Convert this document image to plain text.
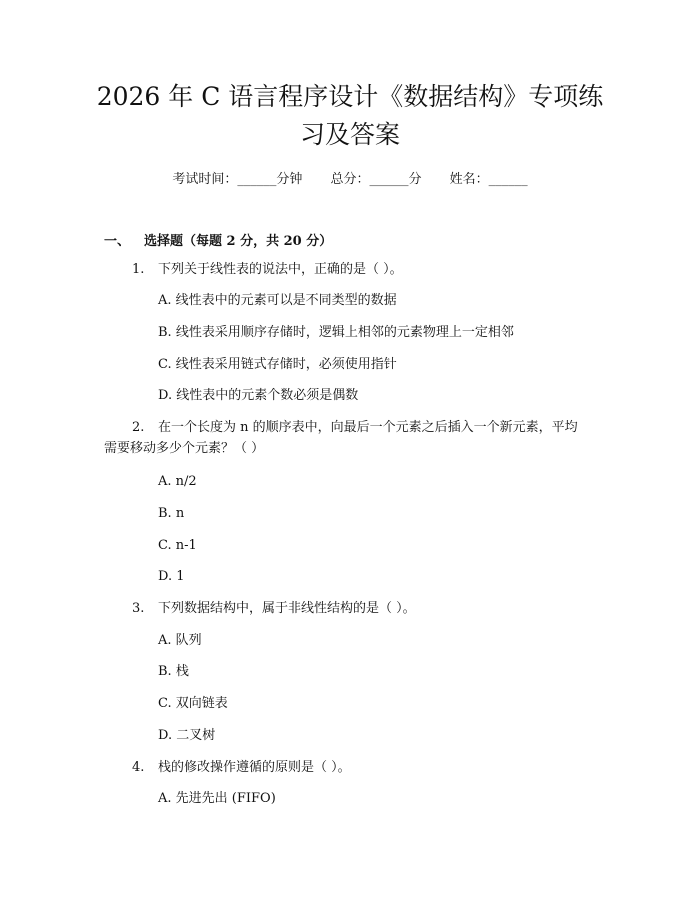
2026 年 C 语言程序设计《数据结构》专项练
习及答案
考试时间：______分钟 总分：______分 姓名：______
一、 选择题（每题 2 分，共 20 分）
1. 下列关于线性表的说法中，正确的是（ ）。
A. 线性表中的元素可以是不同类型的数据
B. 线性表采用顺序存储时，逻辑上相邻的元素物理上一定相邻
C. 线性表采用链式存储时，必须使用指针
D. 线性表中的元素个数必须是偶数
2. 在一个长度为 n 的顺序表中，向最后一个元素之后插入一个新元素，平均
需要移动多少个元素？（ ）
A. n/2
B. n
C. n-1
D. 1
3. 下列数据结构中，属于非线性结构的是（ ）。
A. 队列
B. 栈
C. 双向链表
D. 二叉树
4. 栈的修改操作遵循的原则是（ ）。
A. 先进先出 (FIFO)
